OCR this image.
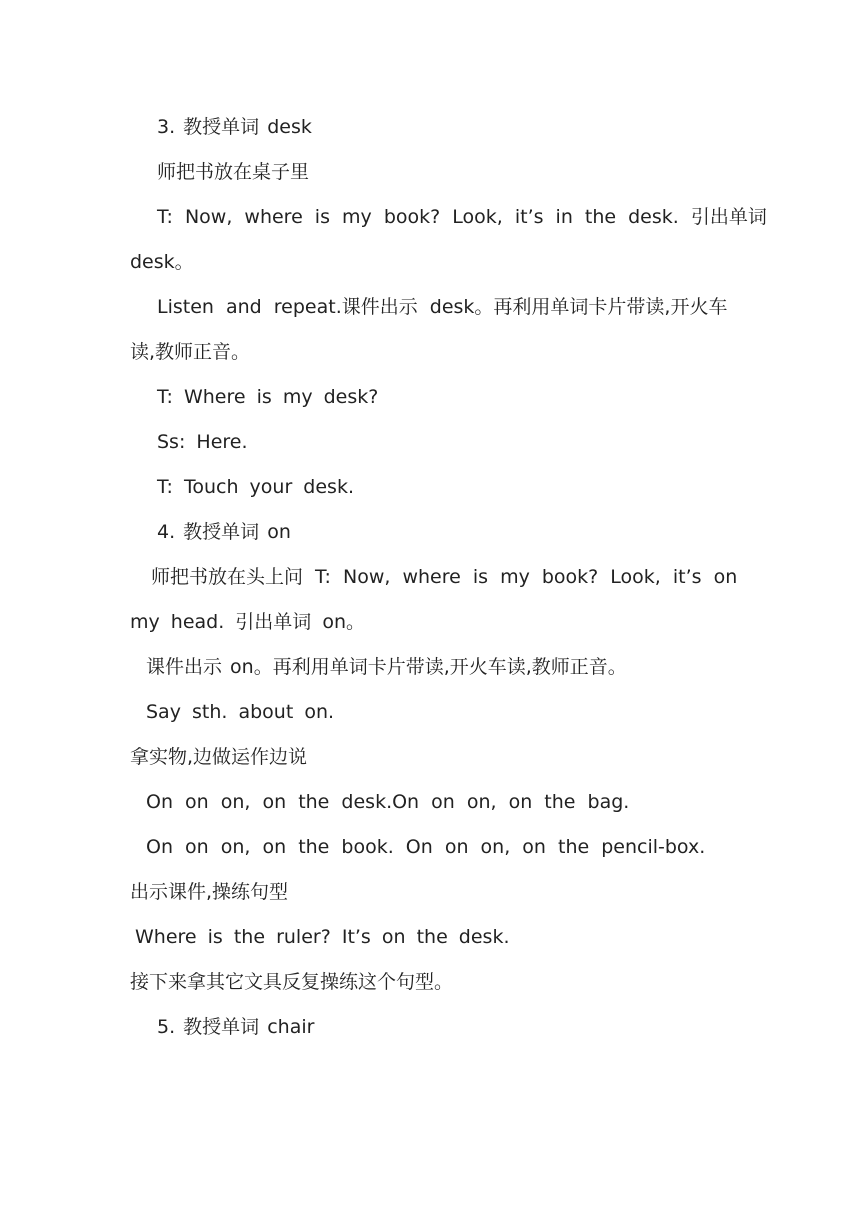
3. 教授单词 desk
师把书放在桌子里
T: Now, where is my book? Look, it’s in the desk. 引出单词
desk。
Listen and repeat.课件出示 desk。再利用单词卡片带读,开火车
读,教师正音。
T: Where is my desk?
Ss: Here.
T: Touch your desk.
4. 教授单词 on
师把书放在头上问 T: Now, where is my book? Look, it’s on
my head. 引出单词 on。
课件出示 on。再利用单词卡片带读,开火车读,教师正音。
Say sth. about on.
拿实物,边做运作边说
On on on, on the desk.On on on, on the bag.
On on on, on the book. On on on, on the pencil-box.
出示课件,操练句型
Where is the ruler? It’s on the desk.
接下来拿其它文具反复操练这个句型。
5. 教授单词 chair
